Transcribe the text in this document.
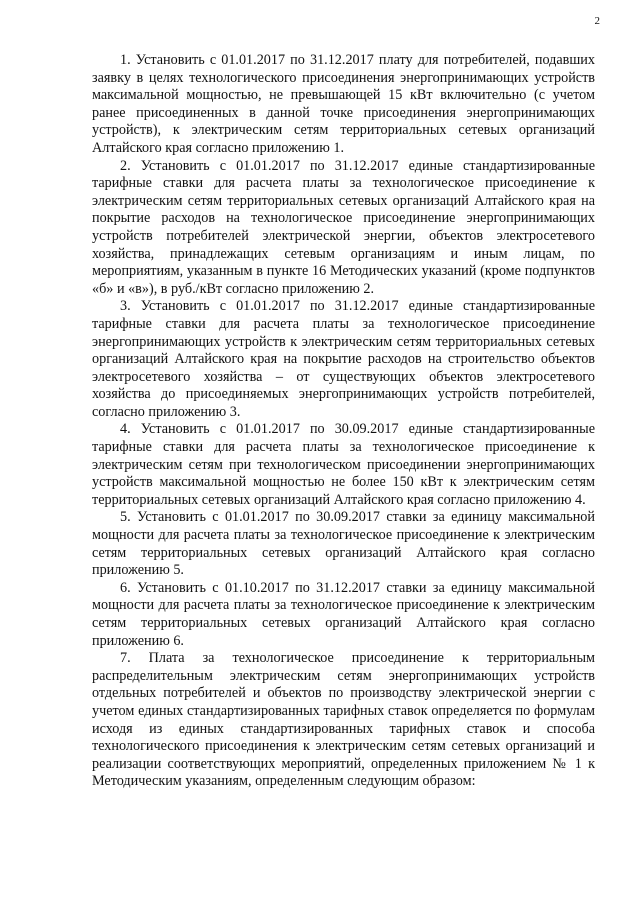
2

1. Установить с 01.01.2017 по 31.12.2017 плату для потребителей, подавших заявку в целях технологического присоединения энергопринимающих устройств максимальной мощностью, не превышающей 15 кВт включительно (с учетом ранее присоединенных в данной точке присоединения энергопринимающих устройств), к электрическим сетям территориальных сетевых организаций Алтайского края согласно приложению 1.

2. Установить с 01.01.2017 по 31.12.2017 единые стандартизированные тарифные ставки для расчета платы за технологическое присоединение к электрическим сетям территориальных сетевых организаций Алтайского края на покрытие расходов на технологическое присоединение энергопринимающих устройств потребителей электрической энергии, объектов электросетевого хозяйства, принадлежащих сетевым организациям и иным лицам, по мероприятиям, указанным в пункте 16 Методических указаний (кроме подпунктов «б» и «в»), в руб./кВт согласно приложению 2.

3. Установить с 01.01.2017 по 31.12.2017 единые стандартизированные тарифные ставки для расчета платы за технологическое присоединение энергопринимающих устройств к электрическим сетям территориальных сетевых организаций Алтайского края на покрытие расходов на строительство объектов электросетевого хозяйства – от существующих объектов электросетевого хозяйства до присоединяемых энергопринимающих устройств потребителей, согласно приложению 3.

4. Установить с 01.01.2017 по 30.09.2017 единые стандартизированные тарифные ставки для расчета платы за технологическое присоединение к электрическим сетям при технологическом присоединении энергопринимающих устройств максимальной мощностью не более 150 кВт к электрическим сетям территориальных сетевых организаций Алтайского края согласно приложению 4.

5. Установить с 01.01.2017 по 30.09.2017 ставки за единицу максимальной мощности для расчета платы за технологическое присоединение к электрическим сетям территориальных сетевых организаций Алтайского края согласно приложению 5.

6. Установить с 01.10.2017 по 31.12.2017 ставки за единицу максимальной мощности для расчета платы за технологическое присоединение к электрическим сетям территориальных сетевых организаций Алтайского края согласно приложению 6.

7. Плата за технологическое присоединение к территориальным распределительным электрическим сетям энергопринимающих устройств отдельных потребителей и объектов по производству электрической энергии с учетом единых стандартизированных тарифных ставок определяется по формулам исходя из единых стандартизированных тарифных ставок и способа технологического присоединения к электрическим сетям сетевых организаций и реализации соответствующих мероприятий, определенных приложением № 1 к Методическим указаниям, определенным следующим образом:
